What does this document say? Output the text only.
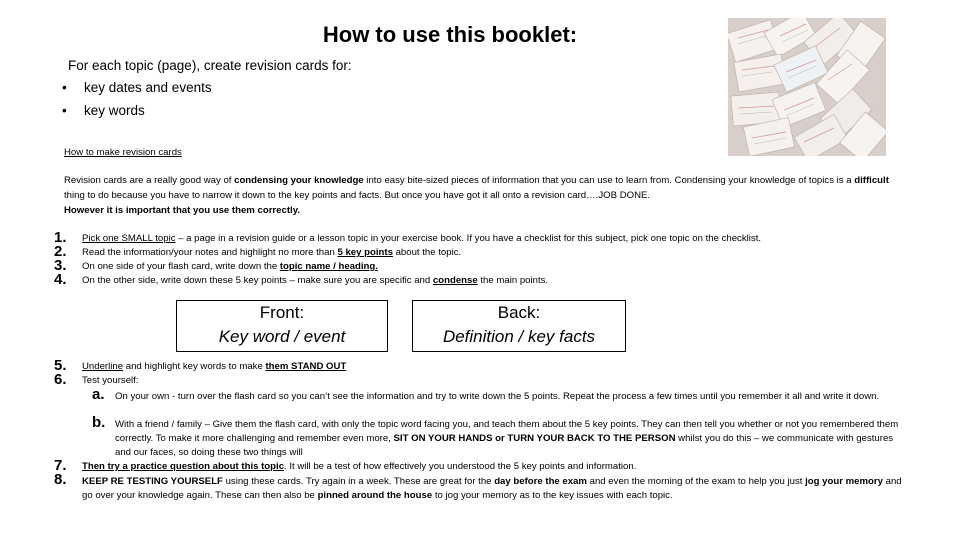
How to use this booklet:
For each topic (page), create revision cards for:
• key dates and events
• key words
How to make revision cards
Revision cards are a really good way of condensing your knowledge into easy bite-sized pieces of information that you can use to learn from. Condensing your knowledge of topics is a difficult thing to do because you have to narrow it down to the key points and facts. But once you have got it all onto a revision card….JOB DONE.
However it is important that you use them correctly.
1. Pick one SMALL topic – a page in a revision guide or a lesson topic in your exercise book. If you have a checklist for this subject, pick one topic on the checklist.
2. Read the information/your notes and highlight no more than 5 key points about the topic.
3. On one side of your flash card, write down the topic name / heading.
4. On the other side, write down these 5 key points – make sure you are specific and condense the main points.
Front:
Key word / event
Back:
Definition / key facts
5. Underline and highlight key words to make them STAND OUT
6. Test yourself:
a. On your own - turn over the flash card so you can’t see the information and try to write down the 5 points. Repeat the process a few times until you remember it all and write it down.
b. With a friend / family – Give them the flash card, with only the topic word facing you, and teach them about the 5 key points. They can then tell you whether or not you remembered them correctly. To make it more challenging and remember even more, SIT ON YOUR HANDS or TURN YOUR BACK TO THE PERSON whilst you do this – we communicate with gestures and our faces, so doing these two things will
7. Then try a practice question about this topic. It will be a test of how effectively you understood the 5 key points and information.
8. KEEP RE TESTING YOURSELF using these cards. Try again in a week. These are great for the day before the exam and even the morning of the exam to help you just jog your memory and go over your knowledge again. These can then also be pinned around the house to jog your memory as to the key issues with each topic.
